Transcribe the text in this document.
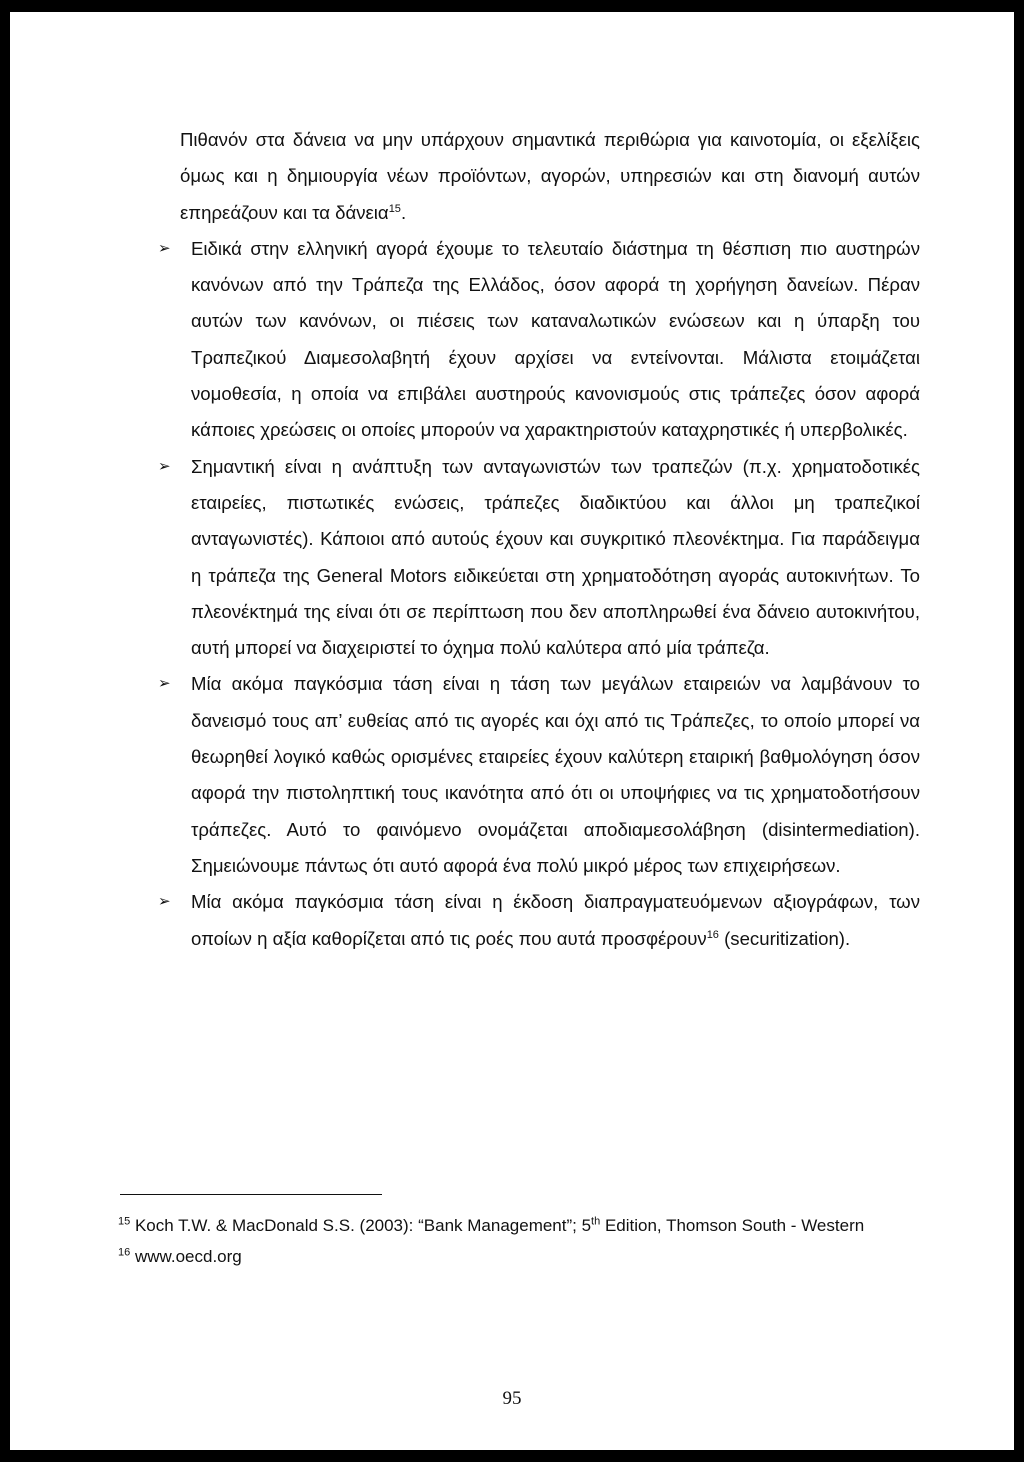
Πιθανόν στα δάνεια να μην υπάρχουν σημαντικά περιθώρια για καινοτομία, οι εξελίξεις όμως και η δημιουργία νέων προϊόντων, αγορών, υπηρεσιών και στη διανομή αυτών επηρεάζουν και τα δάνεια$^{15}$.

➢ Ειδικά στην ελληνική αγορά έχουμε το τελευταίο διάστημα τη θέσπιση πιο αυστηρών κανόνων από την Τράπεζα της Ελλάδος, όσον αφορά τη χορήγηση δανείων. Πέραν αυτών των κανόνων, οι πιέσεις των καταναλωτικών ενώσεων και η ύπαρξη του Τραπεζικού Διαμεσολαβητή έχουν αρχίσει να εντείνονται. Μάλιστα ετοιμάζεται νομοθεσία, η οποία να επιβάλει αυστηρούς κανονισμούς στις τράπεζες όσον αφορά κάποιες χρεώσεις οι οποίες μπορούν να χαρακτηριστούν καταχρηστικές ή υπερβολικές.

➢ Σημαντική είναι η ανάπτυξη των ανταγωνιστών των τραπεζών (π.χ. χρηματοδοτικές εταιρείες, πιστωτικές ενώσεις, τράπεζες διαδικτύου και άλλοι μη τραπεζικοί ανταγωνιστές). Κάποιοι από αυτούς έχουν και συγκριτικό πλεονέκτημα. Για παράδειγμα η τράπεζα της General Motors ειδικεύεται στη χρηματοδότηση αγοράς αυτοκινήτων. Το πλεονέκτημά της είναι ότι σε περίπτωση που δεν αποπληρωθεί ένα δάνειο αυτοκινήτου, αυτή μπορεί να διαχειριστεί το όχημα πολύ καλύτερα από μία τράπεζα.

➢ Μία ακόμα παγκόσμια τάση είναι η τάση των μεγάλων εταιρειών να λαμβάνουν το δανεισμό τους απ’ ευθείας από τις αγορές και όχι από τις Τράπεζες, το οποίο μπορεί να θεωρηθεί λογικό καθώς ορισμένες εταιρείες έχουν καλύτερη εταιρική βαθμολόγηση όσον αφορά την πιστοληπτική τους ικανότητα από ότι οι υποψήφιες να τις χρηματοδοτήσουν τράπεζες. Αυτό το φαινόμενο ονομάζεται αποδιαμεσολάβηση (disintermediation). Σημειώνουμε πάντως ότι αυτό αφορά ένα πολύ μικρό μέρος των επιχειρήσεων.

➢ Μία ακόμα παγκόσμια τάση είναι η έκδοση διαπραγματευόμενων αξιογράφων, των οποίων η αξία καθορίζεται από τις ροές που αυτά προσφέρουν$^{16}$ (securitization).

$^{15}$ Koch T.W. & MacDonald S.S. (2003): “Bank Management”; 5th Edition, Thomson South - Western

$^{16}$ www.oecd.org

95
